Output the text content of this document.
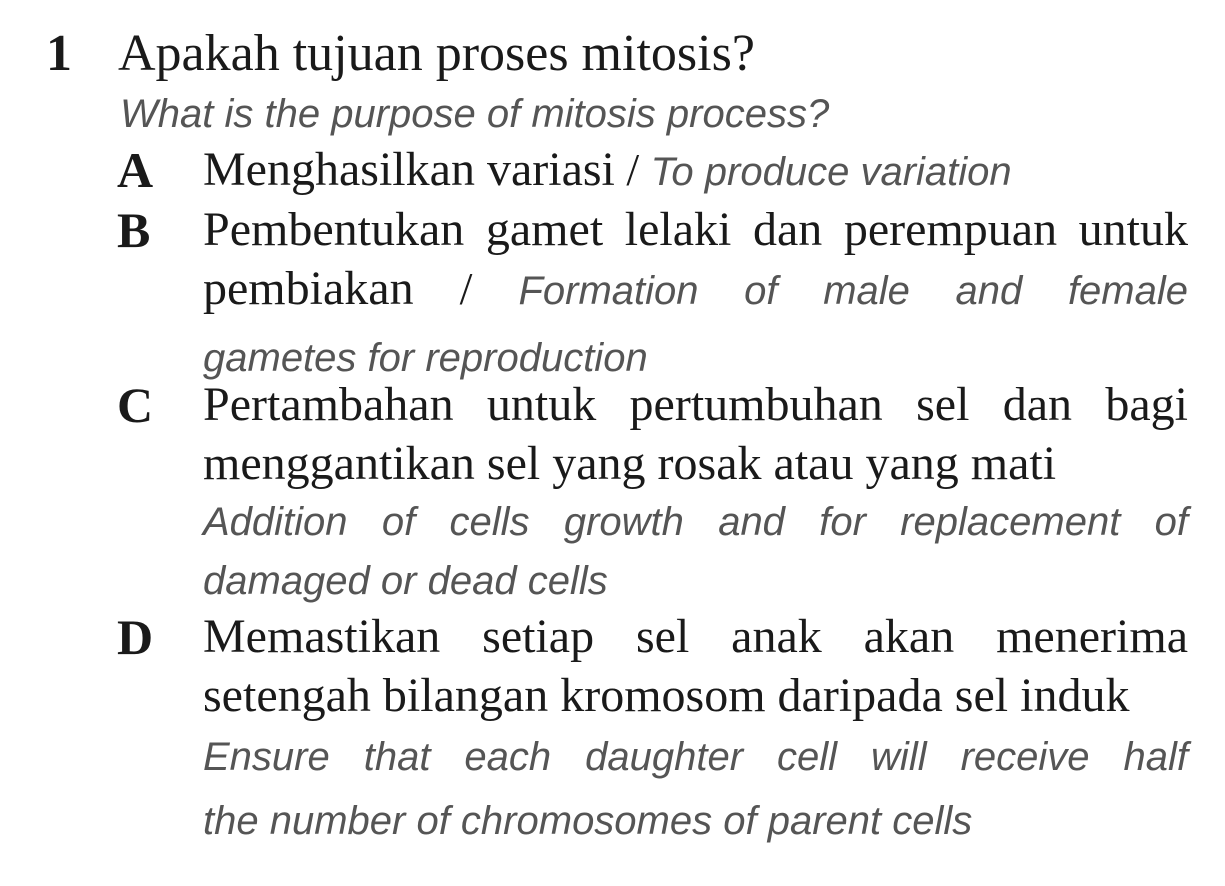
1 Apakah tujuan proses mitosis?
What is the purpose of mitosis process?
A Menghasilkan variasi / To produce variation
B Pembentukan gamet lelaki dan perempuan untuk
pembiakan / Formation of male and female
gametes for reproduction
C Pertambahan untuk pertumbuhan sel dan bagi
menggantikan sel yang rosak atau yang mati
Addition of cells growth and for replacement of
damaged or dead cells
D Memastikan setiap sel anak akan menerima
setengah bilangan kromosom daripada sel induk
Ensure that each daughter cell will receive half
the number of chromosomes of parent cells
